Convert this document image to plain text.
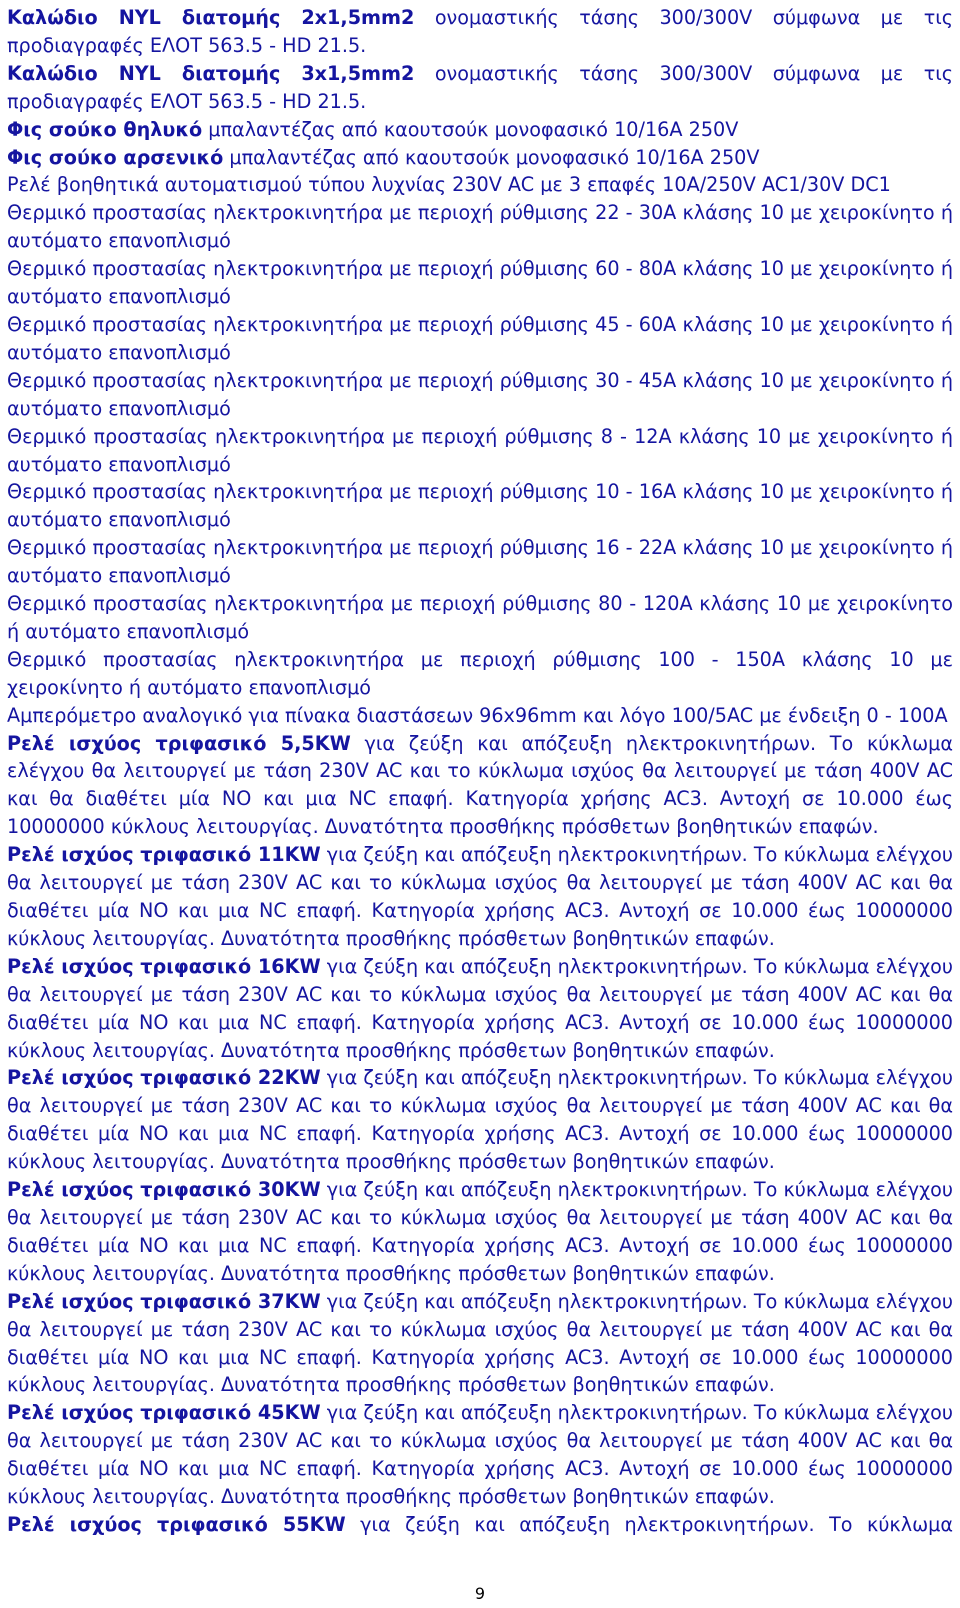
Καλώδιο NYL διατομής 2x1,5mm2 ονομαστικής τάσης 300/300V σύμφωνα με τις προδιαγραφές ΕΛΟΤ 563.5 - HD 21.5.

Καλώδιο NYL διατομής 3x1,5mm2 ονομαστικής τάσης 300/300V σύμφωνα με τις προδιαγραφές ΕΛΟΤ 563.5 - HD 21.5.

Φις σούκο θηλυκό μπαλαντέζας από καουτσούκ μονοφασικό 10/16A 250V

Φις σούκο αρσενικό μπαλαντέζας από καουτσούκ μονοφασικό 10/16A 250V

Ρελέ βοηθητικά αυτοματισμού τύπου λυχνίας 230V AC με 3 επαφές 10A/250V AC1/30V DC1

Θερμικό προστασίας ηλεκτροκινητήρα με περιοχή ρύθμισης 22 - 30A κλάσης 10 με χειροκίνητο ή αυτόματο επανοπλισμό

Θερμικό προστασίας ηλεκτροκινητήρα με περιοχή ρύθμισης 60 - 80A κλάσης 10 με χειροκίνητο ή αυτόματο επανοπλισμό

Θερμικό προστασίας ηλεκτροκινητήρα με περιοχή ρύθμισης 45 - 60A κλάσης 10 με χειροκίνητο ή αυτόματο επανοπλισμό

Θερμικό προστασίας ηλεκτροκινητήρα με περιοχή ρύθμισης 30 - 45A κλάσης 10 με χειροκίνητο ή αυτόματο επανοπλισμό

Θερμικό προστασίας ηλεκτροκινητήρα με περιοχή ρύθμισης 8 - 12A κλάσης 10 με χειροκίνητο ή αυτόματο επανοπλισμό

Θερμικό προστασίας ηλεκτροκινητήρα με περιοχή ρύθμισης 10 - 16A κλάσης 10 με χειροκίνητο ή αυτόματο επανοπλισμό

Θερμικό προστασίας ηλεκτροκινητήρα με περιοχή ρύθμισης 16 - 22A κλάσης 10 με χειροκίνητο ή αυτόματο επανοπλισμό

Θερμικό προστασίας ηλεκτροκινητήρα με περιοχή ρύθμισης 80 - 120A κλάσης 10 με χειροκίνητο ή αυτόματο επανοπλισμό

Θερμικό προστασίας ηλεκτροκινητήρα με περιοχή ρύθμισης 100 - 150A κλάσης 10 με χειροκίνητο ή αυτόματο επανοπλισμό

Αμπερόμετρο αναλογικό για πίνακα διαστάσεων 96x96mm και λόγο 100/5AC με ένδειξη 0 - 100A

Ρελέ ισχύος τριφασικό 5,5KW για ζεύξη και απόζευξη ηλεκτροκινητήρων. Το κύκλωμα ελέγχου θα λειτουργεί με τάση 230V AC και το κύκλωμα ισχύος θα λειτουργεί με τάση 400V AC και θα διαθέτει μία NO και μια NC επαφή. Κατηγορία χρήσης AC3. Αντοχή σε 10.000 έως 10000000 κύκλους λειτουργίας. Δυνατότητα προσθήκης πρόσθετων βοηθητικών επαφών.

Ρελέ ισχύος τριφασικό 11KW για ζεύξη και απόζευξη ηλεκτροκινητήρων. Το κύκλωμα ελέγχου θα λειτουργεί με τάση 230V AC και το κύκλωμα ισχύος θα λειτουργεί με τάση 400V AC και θα διαθέτει μία NO και μια NC επαφή. Κατηγορία χρήσης AC3. Αντοχή σε 10.000 έως 10000000 κύκλους λειτουργίας. Δυνατότητα προσθήκης πρόσθετων βοηθητικών επαφών.

Ρελέ ισχύος τριφασικό 16KW για ζεύξη και απόζευξη ηλεκτροκινητήρων. Το κύκλωμα ελέγχου θα λειτουργεί με τάση 230V AC και το κύκλωμα ισχύος θα λειτουργεί με τάση 400V AC και θα διαθέτει μία NO και μια NC επαφή. Κατηγορία χρήσης AC3. Αντοχή σε 10.000 έως 10000000 κύκλους λειτουργίας. Δυνατότητα προσθήκης πρόσθετων βοηθητικών επαφών.

Ρελέ ισχύος τριφασικό 22KW για ζεύξη και απόζευξη ηλεκτροκινητήρων. Το κύκλωμα ελέγχου θα λειτουργεί με τάση 230V AC και το κύκλωμα ισχύος θα λειτουργεί με τάση 400V AC και θα διαθέτει μία NO και μια NC επαφή. Κατηγορία χρήσης AC3. Αντοχή σε 10.000 έως 10000000 κύκλους λειτουργίας. Δυνατότητα προσθήκης πρόσθετων βοηθητικών επαφών.

Ρελέ ισχύος τριφασικό 30KW για ζεύξη και απόζευξη ηλεκτροκινητήρων. Το κύκλωμα ελέγχου θα λειτουργεί με τάση 230V AC και το κύκλωμα ισχύος θα λειτουργεί με τάση 400V AC και θα διαθέτει μία NO και μια NC επαφή. Κατηγορία χρήσης AC3. Αντοχή σε 10.000 έως 10000000 κύκλους λειτουργίας. Δυνατότητα προσθήκης πρόσθετων βοηθητικών επαφών.

Ρελέ ισχύος τριφασικό 37KW για ζεύξη και απόζευξη ηλεκτροκινητήρων. Το κύκλωμα ελέγχου θα λειτουργεί με τάση 230V AC και το κύκλωμα ισχύος θα λειτουργεί με τάση 400V AC και θα διαθέτει μία NO και μια NC επαφή. Κατηγορία χρήσης AC3. Αντοχή σε 10.000 έως 10000000 κύκλους λειτουργίας. Δυνατότητα προσθήκης πρόσθετων βοηθητικών επαφών.

Ρελέ ισχύος τριφασικό 45KW για ζεύξη και απόζευξη ηλεκτροκινητήρων. Το κύκλωμα ελέγχου θα λειτουργεί με τάση 230V AC και το κύκλωμα ισχύος θα λειτουργεί με τάση 400V AC και θα διαθέτει μία NO και μια NC επαφή. Κατηγορία χρήσης AC3. Αντοχή σε 10.000 έως 10000000 κύκλους λειτουργίας. Δυνατότητα προσθήκης πρόσθετων βοηθητικών επαφών.

Ρελέ ισχύος τριφασικό 55KW για ζεύξη και απόζευξη ηλεκτροκινητήρων. Το κύκλωμα

9
